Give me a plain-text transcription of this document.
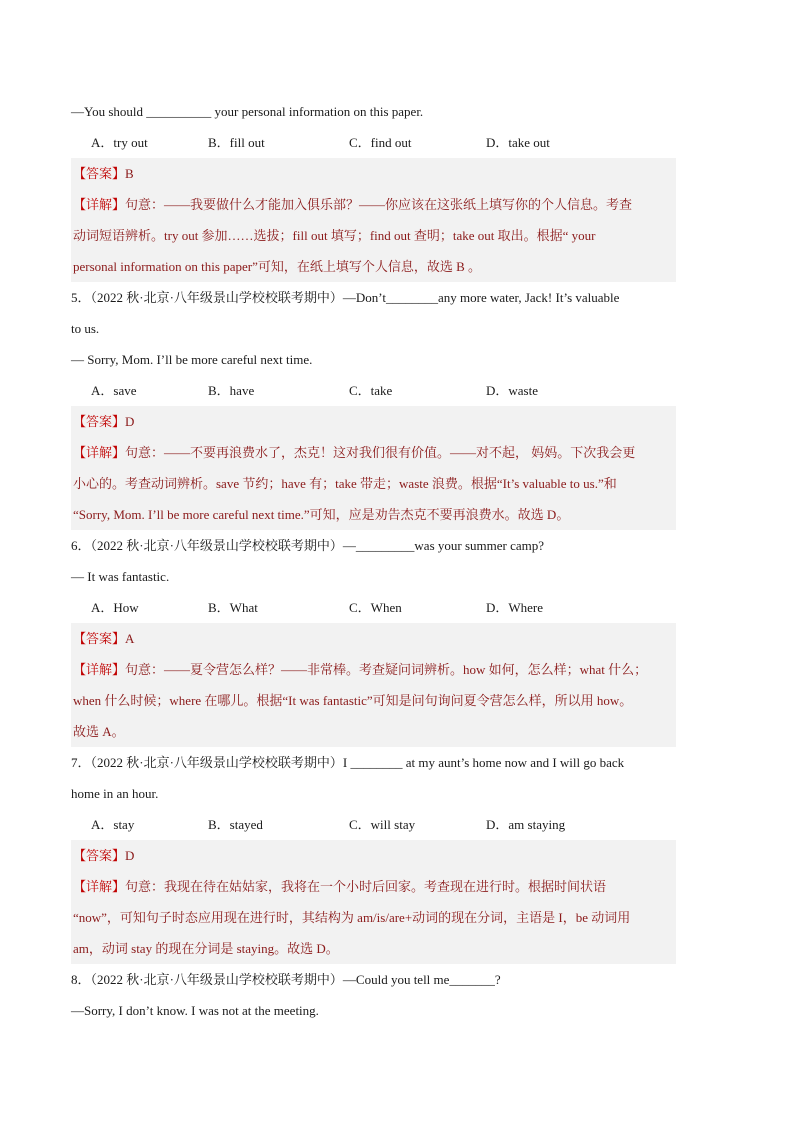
—You should __________ your personal information on this paper.
A．try out	B．fill out	C．find out	D．take out
【答案】B
【详解】句意：——我要做什么才能加入俱乐部？——你应该在这张纸上填写你的个人信息。考查
动词短语辨析。try out 参加……选拔；fill out 填写；find out 查明；take out 取出。根据“ your
personal information on this paper”可知，在纸上填写个人信息，故选 B 。
5．（2022 秋·北京·八年级景山学校校联考期中）—Don’t________any more water, Jack! It’s valuable
to us.
— Sorry, Mom. I’ll be more careful next time.
A．save	B．have	C．take	D．waste
【答案】D
【详解】句意：——不要再浪费水了，杰克！这对我们很有价值。——对不起， 妈妈。下次我会更
小心的。考查动词辨析。save 节约；have 有；take 带走；waste 浪费。根据“It’s valuable to us.”和
“Sorry, Mom. I’ll be more careful next time.”可知，应是劝告杰克不要再浪费水。故选 D。
6．（2022 秋·北京·八年级景山学校校联考期中）—_________was your summer camp?
— It was fantastic.
A．How	B．What	C．When	D．Where
【答案】A
【详解】句意：——夏令营怎么样？——非常棒。考查疑问词辨析。how 如何，怎么样；what 什么；
when 什么时候；where 在哪儿。根据“It was fantastic”可知是问句询问夏令营怎么样，所以用 how。
故选 A。
7．（2022 秋·北京·八年级景山学校校联考期中）I ________ at my aunt’s home now and I will go back
home in an hour.
A．stay	B．stayed	C．will stay	D．am staying
【答案】D
【详解】句意：我现在待在姑姑家，我将在一个小时后回家。考查现在进行时。根据时间状语
“now”，可知句子时态应用现在进行时，其结构为 am/is/are+动词的现在分词，主语是 I，be 动词用
am，动词 stay 的现在分词是 staying。故选 D。
8．（2022 秋·北京·八年级景山学校校联考期中）—Could you tell me_______?
—Sorry, I don’t know. I was not at the meeting.
